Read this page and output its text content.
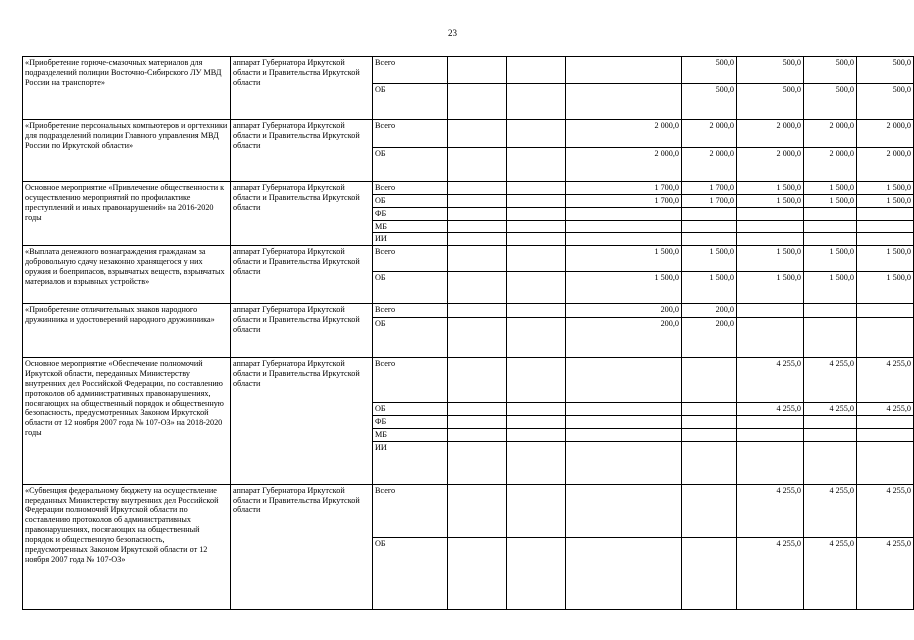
23
«Приобретение горюче-смазочных материалов для подразделений полиции Восточно-Сибирского ЛУ МВД России на транспорте»	аппарат Губернатора Иркутской области и Правительства Иркутской области	Всего				500,0	500,0	500,0	500,0
		ОБ				500,0	500,0	500,0	500,0
«Приобретение персональных компьютеров и оргтехники для подразделений полиции Главного управления МВД России по Иркутской области»	аппарат Губернатора Иркутской области и Правительства Иркутской области	Всего			2 000,0	2 000,0	2 000,0	2 000,0	2 000,0
		ОБ			2 000,0	2 000,0	2 000,0	2 000,0	2 000,0
Основное мероприятие «Привлечение общественности к осуществлению мероприятий по профилактике преступлений и иных правонарушений» на 2016-2020 годы	аппарат Губернатора Иркутской области и Правительства Иркутской области	Всего			1 700,0	1 700,0	1 500,0	1 500,0	1 500,0
		ОБ			1 700,0	1 700,0	1 500,0	1 500,0	1 500,0
		ФБ							
		МБ							
		ИИ							
«Выплата денежного вознаграждения гражданам за добровольную сдачу незаконно хранящегося у них оружия и боеприпасов, взрывчатых веществ, взрывчатых материалов и взрывных устройств»	аппарат Губернатора Иркутской области и Правительства Иркутской области	Всего			1 500,0	1 500,0	1 500,0	1 500,0	1 500,0
		ОБ			1 500,0	1 500,0	1 500,0	1 500,0	1 500,0
«Приобретение отличительных знаков народного дружинника и удостоверений народного дружинника»	аппарат Губернатора Иркутской области и Правительства Иркутской области	Всего			200,0	200,0			
		ОБ			200,0	200,0			
Основное мероприятие «Обеспечение полномочий Иркутской области, переданных Министерству внутренних дел Российской Федерации, по составлению протоколов об административных правонарушениях, посягающих на общественный порядок и общественную безопасность, предусмотренных Законом Иркутской области от 12 ноября 2007 года № 107-ОЗ» на 2018-2020 годы	аппарат Губернатора Иркутской области и Правительства Иркутской области	Всего					4 255,0	4 255,0	4 255,0
		ОБ					4 255,0	4 255,0	4 255,0
		ФБ							
		МБ							
		ИИ							
«Субвенция федеральному бюджету на осуществление переданных Министерству внутренних дел Российской Федерации полномочий Иркутской области по составлению протоколов об административных правонарушениях, посягающих на общественный порядок и общественную безопасность, предусмотренных Законом Иркутской области от 12 ноября 2007 года № 107-ОЗ»	аппарат Губернатора Иркутской области и Правительства Иркутской области	Всего					4 255,0	4 255,0	4 255,0
		ОБ					4 255,0	4 255,0	4 255,0
